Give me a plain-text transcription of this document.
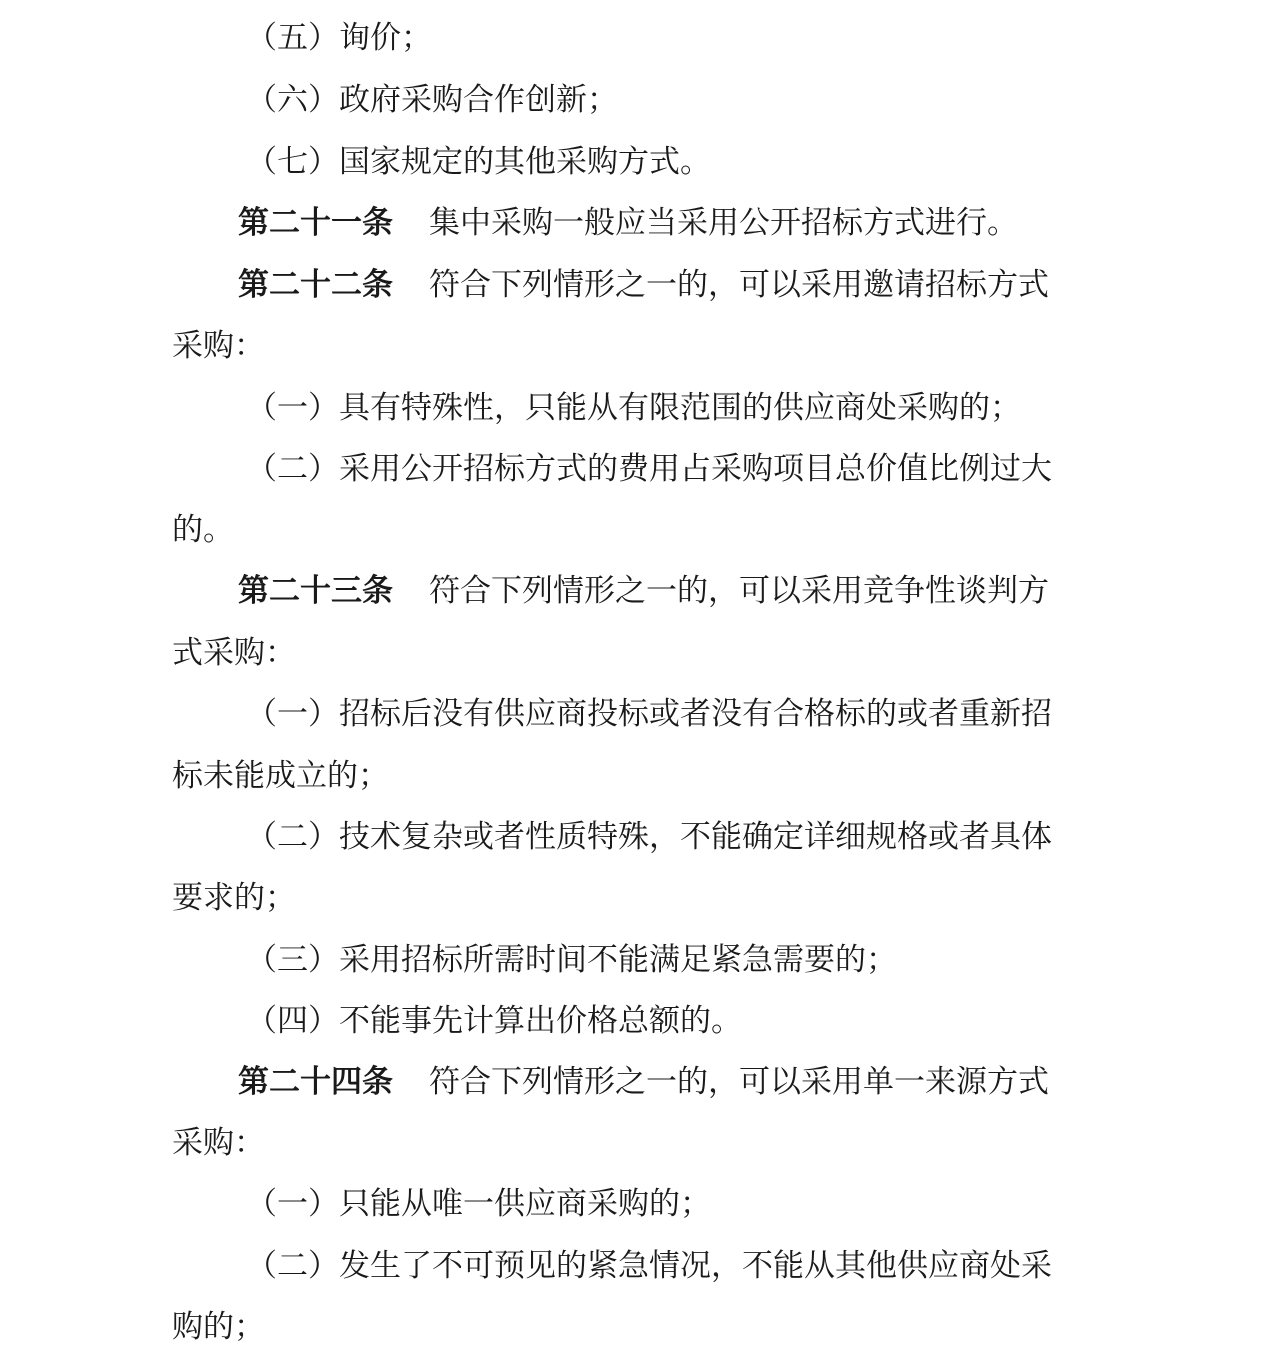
（五）询价；
（六）政府采购合作创新；
（七）国家规定的其他采购方式。
第二十一条 集中采购一般应当采用公开招标方式进行。
第二十二条 符合下列情形之一的，可以采用邀请招标方式
采购：
（一）具有特殊性，只能从有限范围的供应商处采购的；
（二）采用公开招标方式的费用占采购项目总价值比例过大
的。
第二十三条 符合下列情形之一的，可以采用竞争性谈判方
式采购：
（一）招标后没有供应商投标或者没有合格标的或者重新招
标未能成立的；
（二）技术复杂或者性质特殊，不能确定详细规格或者具体
要求的；
（三）采用招标所需时间不能满足紧急需要的；
（四）不能事先计算出价格总额的。
第二十四条 符合下列情形之一的，可以采用单一来源方式
采购：
（一）只能从唯一供应商采购的；
（二）发生了不可预见的紧急情况，不能从其他供应商处采
购的；
